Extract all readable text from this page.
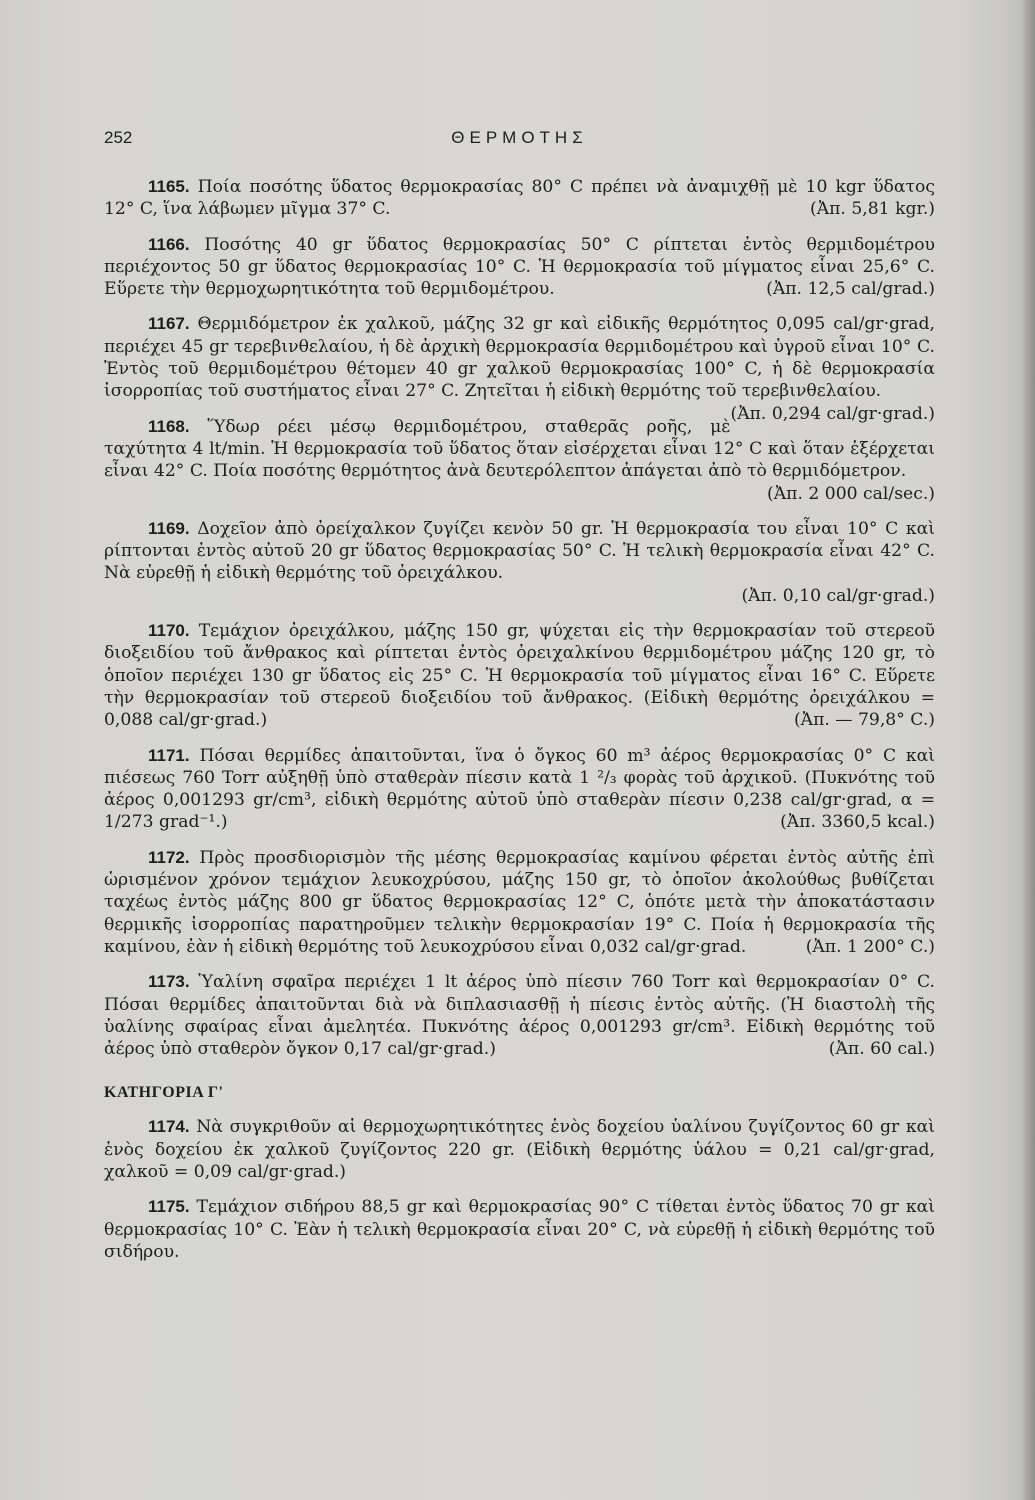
252	ΘΕΡΜΟΤΗΣ

1165. Ποία ποσότης ὕδατος θερμοκρασίας 80° C πρέπει νὰ ἀναμιχθῇ μὲ 10 kgr ὕδατος 12° C, ἵνα λάβωμεν μῖγμα 37° C.	(Ἀπ. 5,81 kgr.)

1166. Ποσότης 40 gr ὕδατος θερμοκρασίας 50° C ρίπτεται ἐντὸς θερμιδομέτρου περιέχοντος 50 gr ὕδατος θερμοκρασίας 10° C. Ἡ θερμοκρασία τοῦ μίγματος εἶναι 25,6° C. Εὕρετε τὴν θερμοχωρητικότητα τοῦ θερμιδομέτρου.	(Ἀπ. 12,5 cal/grad.)

1167. Θερμιδόμετρον ἐκ χαλκοῦ, μάζης 32 gr καὶ εἰδικῆς θερμότητος 0,095 cal/gr·grad, περιέχει 45 gr τερεβινθελαίου, ἡ δὲ ἀρχικὴ θερμοκρασία θερμιδομέτρου καὶ ὑγροῦ εἶναι 10° C. Ἐντὸς τοῦ θερμιδομέτρου θέτομεν 40 gr χαλκοῦ θερμοκρασίας 100° C, ἡ δὲ θερμοκρασία ἰσορροπίας τοῦ συστήματος εἶναι 27° C. Ζητεῖται ἡ εἰδικὴ θερμότης τοῦ τερεβινθελαίου.
(Ἀπ. 0,294 cal/gr·grad.)

1168. Ὕδωρ ρέει μέσῳ θερμιδομέτρου, σταθερᾶς ροῆς, μὲ ταχύτητα 4 lt/min. Ἡ θερμοκρασία τοῦ ὕδατος ὅταν εἰσέρχεται εἶναι 12° C καὶ ὅταν ἐξέρχεται εἶναι 42° C. Ποία ποσότης θερμότητος ἀνὰ δευτερόλεπτον ἀπάγεται ἀπὸ τὸ θερμιδόμετρον.
(Ἀπ. 2 000 cal/sec.)

1169. Δοχεῖον ἀπὸ ὀρείχαλκον ζυγίζει κενὸν 50 gr. Ἡ θερμοκρασία του εἶναι 10° C καὶ ρίπτονται ἐντὸς αὐτοῦ 20 gr ὕδατος θερμοκρασίας 50° C. Ἡ τελικὴ θερμοκρασία εἶναι 42° C. Νὰ εὑρεθῇ ἡ εἰδικὴ θερμότης τοῦ ὀρειχάλκου.
(Ἀπ. 0,10 cal/gr·grad.)

1170. Τεμάχιον ὀρειχάλκου, μάζης 150 gr, ψύχεται εἰς τὴν θερμοκρασίαν τοῦ στερεοῦ διοξειδίου τοῦ ἄνθρακος καὶ ρίπτεται ἐντὸς ὀρειχαλκίνου θερμιδομέτρου μάζης 120 gr, τὸ ὁποῖον περιέχει 130 gr ὕδατος εἰς 25° C. Ἡ θερμοκρασία τοῦ μίγματος εἶναι 16° C. Εὕρετε τὴν θερμοκρασίαν τοῦ στερεοῦ διοξειδίου τοῦ ἄνθρακος. (Εἰδικὴ θερμότης ὀρειχάλκου = 0,088 cal/gr·grad.)	(Ἀπ. — 79,8° C.)

1171. Πόσαι θερμίδες ἀπαιτοῦνται, ἵνα ὁ ὄγκος 60 m³ ἀέρος θερμοκρασίας 0° C καὶ πιέσεως 760 Torr αὐξηθῇ ὑπὸ σταθερὰν πίεσιν κατὰ 1 ²/₃ φορὰς τοῦ ἀρχικοῦ. (Πυκνότης τοῦ ἀέρος 0,001293 gr/cm³, εἰδικὴ θερμότης αὐτοῦ ὑπὸ σταθερὰν πίεσιν 0,238 cal/gr·grad, α = 1/273 grad⁻¹.)	(Ἀπ. 3360,5 kcal.)

1172. Πρὸς προσδιορισμὸν τῆς μέσης θερμοκρασίας καμίνου φέρεται ἐντὸς αὐτῆς ἐπὶ ὡρισμένον χρόνον τεμάχιον λευκοχρύσου, μάζης 150 gr, τὸ ὁποῖον ἀκολούθως βυθίζεται ταχέως ἐντὸς μάζης 800 gr ὕδατος θερμοκρασίας 12° C, ὁπότε μετὰ τὴν ἀποκατάστασιν θερμικῆς ἰσορροπίας παρατηροῦμεν τελικὴν θερμοκρασίαν 19° C. Ποία ἡ θερμοκρασία τῆς καμίνου, ἐὰν ἡ εἰδικὴ θερμότης τοῦ λευκοχρύσου εἶναι 0,032 cal/gr·grad.	(Ἀπ. 1 200° C.)

1173. Ὑαλίνη σφαῖρα περιέχει 1 lt ἀέρος ὑπὸ πίεσιν 760 Torr καὶ θερμοκρασίαν 0° C. Πόσαι θερμίδες ἀπαιτοῦνται διὰ νὰ διπλασιασθῇ ἡ πίεσις ἐντὸς αὐτῆς. (Ἡ διαστολὴ τῆς ὑαλίνης σφαίρας εἶναι ἀμελητέα. Πυκνότης ἀέρος 0,001293 gr/cm³. Εἰδικὴ θερμότης τοῦ ἀέρος ὑπὸ σταθερὸν ὄγκον 0,17 cal/gr·grad.)	(Ἀπ. 60 cal.)

ΚΑΤΗΓΟΡΙΑ Γ'

1174. Νὰ συγκριθοῦν αἱ θερμοχωρητικότητες ἑνὸς δοχείου ὑαλίνου ζυγίζοντος 60 gr καὶ ἑνὸς δοχείου ἐκ χαλκοῦ ζυγίζοντος 220 gr. (Εἰδικὴ θερμότης ὑάλου = 0,21 cal/gr·grad, χαλκοῦ = 0,09 cal/gr·grad.)

1175. Τεμάχιον σιδήρου 88,5 gr καὶ θερμοκρασίας 90° C τίθεται ἐντὸς ὕδατος 70 gr καὶ θερμοκρασίας 10° C. Ἐὰν ἡ τελικὴ θερμοκρασία εἶναι 20° C, νὰ εὑρεθῇ ἡ εἰδικὴ θερμότης τοῦ σιδήρου.
